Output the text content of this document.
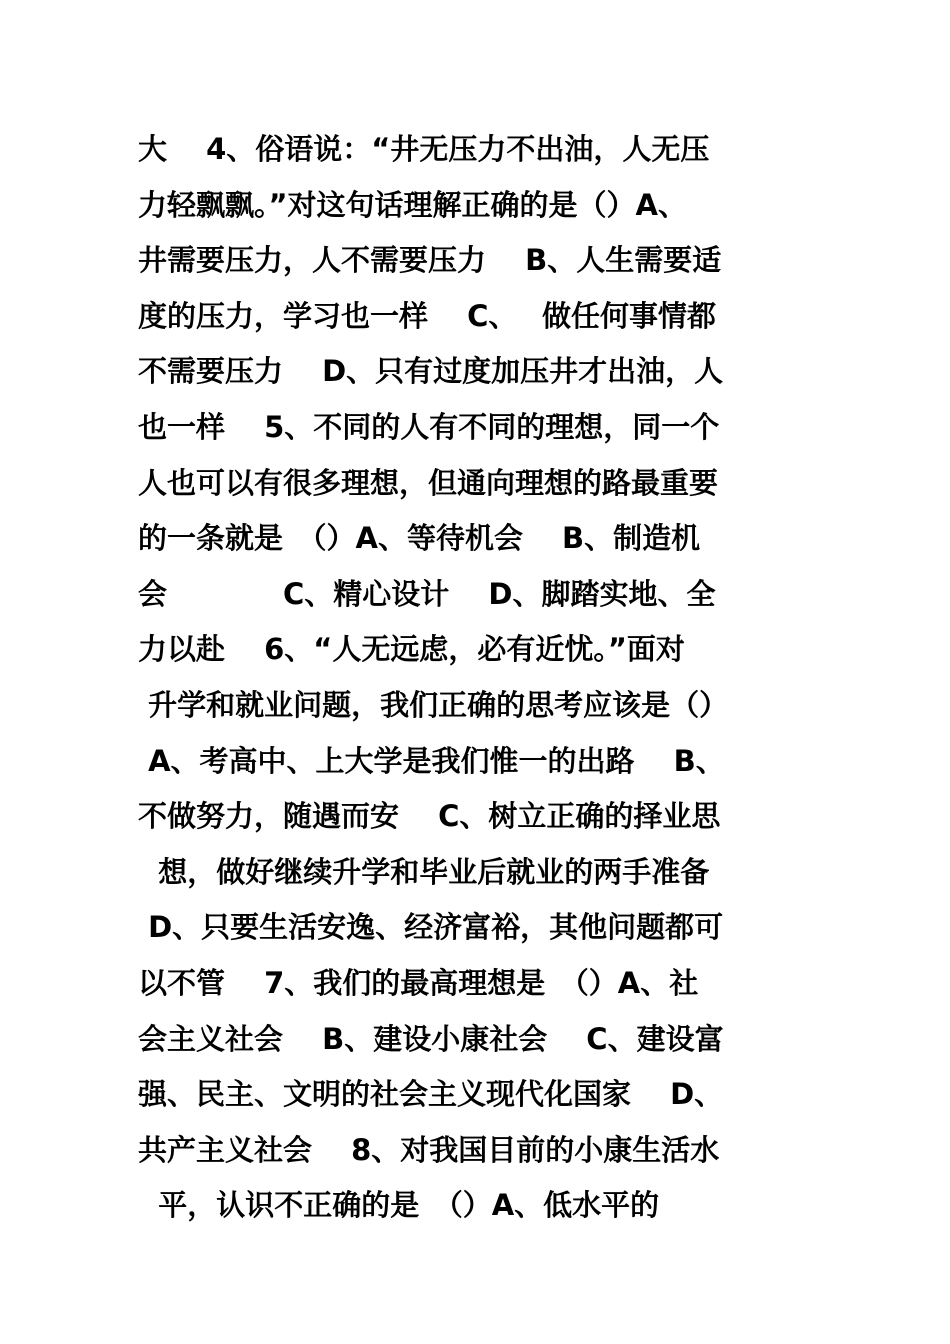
大　 4、俗语说：“井无压力不出油，人无压
力轻飘飘。”对这句话理解正确的是（）A、
井需要压力，人不需要压力　 B、人生需要适
度的压力，学习也一样　 C、　 做任何事情都
不需要压力　 D、只有过度加压井才出油，人
也一样　 5、不同的人有不同的理想，同一个
人也可以有很多理想，但通向理想的路最重要
的一条就是　（）A、等待机会　 B、制造机
会　　　　C、精心设计　 D、脚踏实地、全
力以赴　 6、“人无远虑，必有近忧。”面对
升学和就业问题，我们正确的思考应该是（）
A、考高中、上大学是我们惟一的出路　 B、
不做努力，随遇而安　 C、树立正确的择业思
想，做好继续升学和毕业后就业的两手准备
D、只要生活安逸、经济富裕，其他问题都可
以不管　 7、我们的最高理想是　（）A、社
会主义社会　 B、建设小康社会　 C、建设富
强、民主、文明的社会主义现代化国家　 D、
共产主义社会　 8、对我国目前的小康生活水
平，认识不正确的是　（）A、低水平的
